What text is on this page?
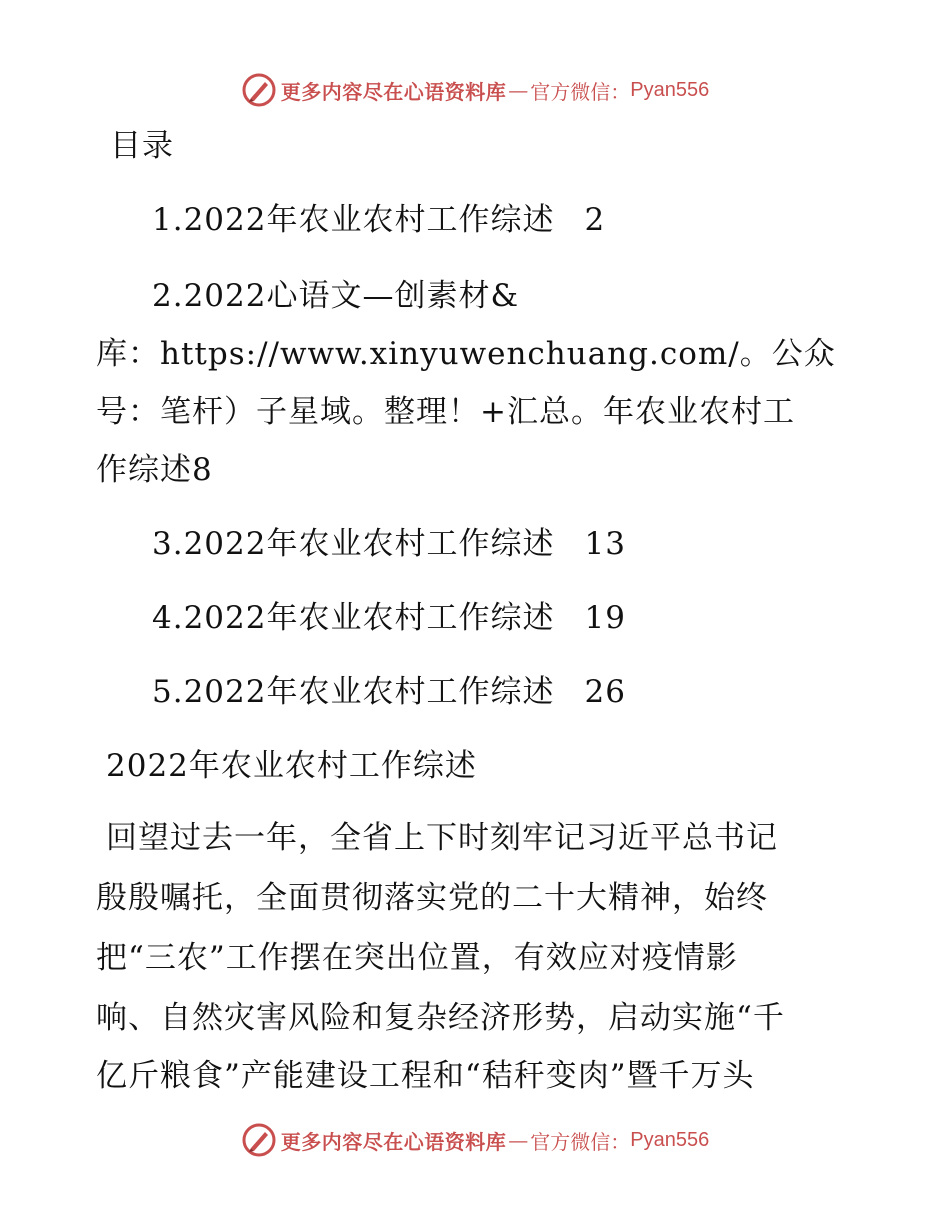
更多内容尽在心语资料库 — 官方微信： Pyan556
目录
1.2022年农业农村工作综述 2
2.2022心语文—创素材&
库：https://www.xinyuwenchuang.com/。公众
号：笔杆）子星域。整理！+汇总。年农业农村工
作综述8
3.2022年农业农村工作综述 13
4.2022年农业农村工作综述 19
5.2022年农业农村工作综述 26
2022年农业农村工作综述
回望过去一年，全省上下时刻牢记习近平总书记
殷殷嘱托，全面贯彻落实党的二十大精神，始终
把“三农”工作摆在突出位置，有效应对疫情影
响、自然灾害风险和复杂经济形势，启动实施“千
亿斤粮食”产能建设工程和“秸秆变肉”暨千万头
更多内容尽在心语资料库 — 官方微信： Pyan556
